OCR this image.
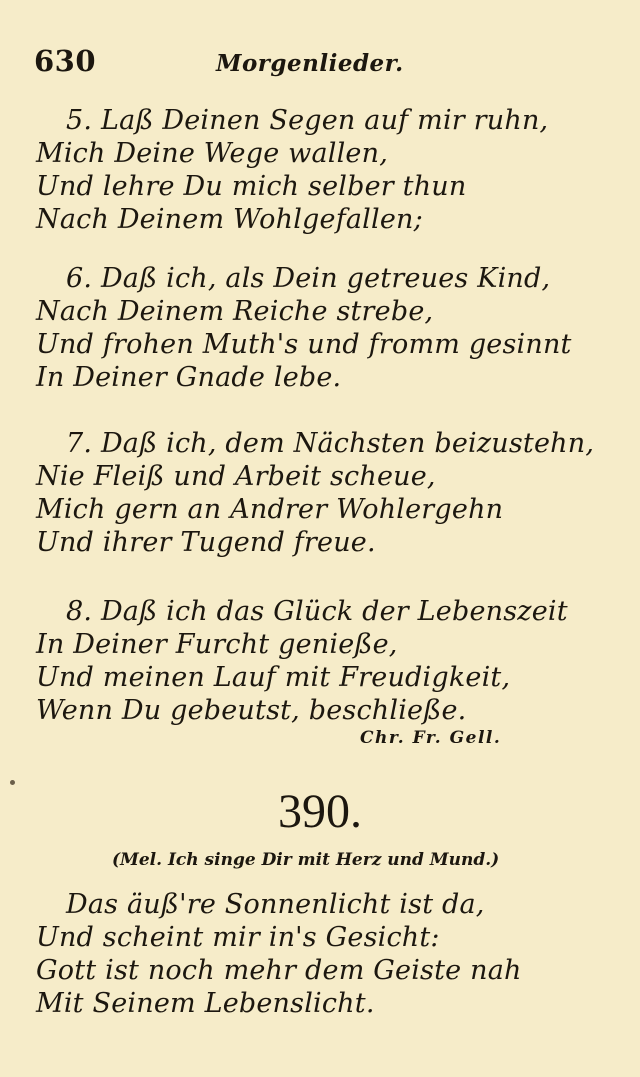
630	Morgenlieder.
5. Laß Deinen Segen auf mir ruhn,
Mich Deine Wege wallen,
Und lehre Du mich selber thun
Nach Deinem Wohlgefallen;
6. Daß ich, als Dein getreues Kind,
Nach Deinem Reiche strebe,
Und frohen Muth's und fromm gesinnt
In Deiner Gnade lebe.
7. Daß ich, dem Nächsten beizustehn,
Nie Fleiß und Arbeit scheue,
Mich gern an Andrer Wohlergehn
Und ihrer Tugend freue.
8. Daß ich das Glück der Lebenszeit
In Deiner Furcht genieße,
Und meinen Lauf mit Freudigkeit,
Wenn Du gebeutst, beschließe.
Chr. Fr. Gell.
390.
(Mel. Ich singe Dir mit Herz und Mund.)
Das äuß're Sonnenlicht ist da,
Und scheint mir in's Gesicht:
Gott ist noch mehr dem Geiste nah
Mit Seinem Lebenslicht.
